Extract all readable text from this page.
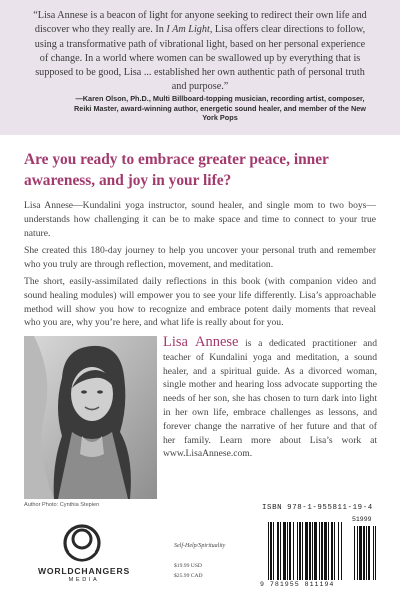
“Lisa Annese is a beacon of light for anyone seeking to redirect their own life and discover who they really are. In I Am Light, Lisa offers clear directions to follow, using a transformative path of vibrational light, based on her personal experience of change. In a world where women can be swallowed up by everything that is supposed to be good, Lisa ... established her own authentic path of personal truth and purpose.”

—Karen Olson, Ph.D., Multi Billboard-topping musician, recording artist, composer, Reiki Master, award-winning author, energetic sound healer, and member of the New York Pops

Are you ready to embrace greater peace, inner awareness, and joy in your life?

Lisa Annese—Kundalini yoga instructor, sound healer, and single mom to two boys—understands how challenging it can be to make space and time to connect to your true nature.

She created this 180-day journey to help you uncover your personal truth and remember who you truly are through reflection, movement, and meditation.

The short, easily-assimilated daily reflections in this book (with companion video and sound healing modules) will empower you to see your life differently. Lisa’s approachable method will show you how to recognize and embrace potent daily moments that reveal who you are, why you’re here, and what life is really about for you.

Author Photo: Cynthia Stepien

Lisa Annese is a dedicated practitioner and teacher of Kundalini yoga and meditation, a sound healer, and a spiritual guide. As a divorced woman, single mother and hearing loss advocate supporting the needs of her son, she has chosen to turn dark into light in her own life, embrace challenges as lessons, and forever change the narrative of her future and that of her family. Learn more about Lisa’s work at www.LisaAnnese.com.

WORLDCHANGERS
MEDIA

Self-Help/Spirituality

$19.99 USD

$25.99 CAD

ISBN 978-1-955811-19-4

51999

9 781955 811194
